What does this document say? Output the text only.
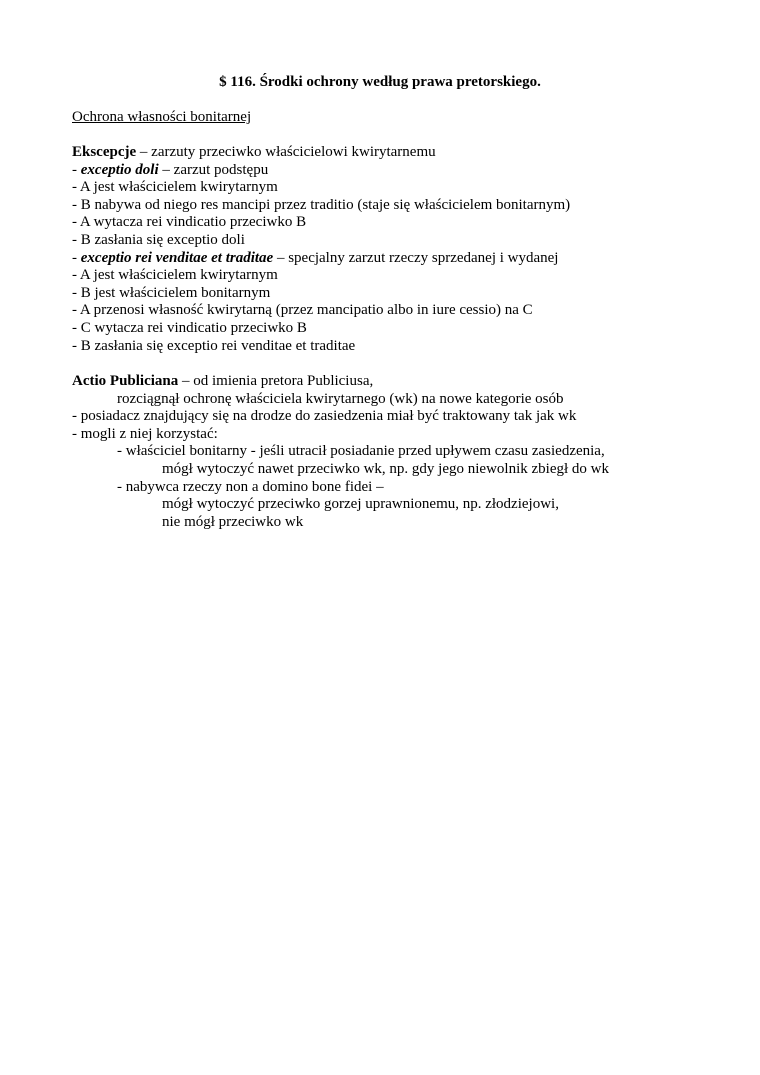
$ 116. Środki ochrony według prawa pretorskiego.
Ochrona własności bonitarnej
Ekscepcje – zarzuty przeciwko właścicielowi kwirytarnemu
- exceptio doli – zarzut podstępu
- A jest właścicielem kwirytarnym
- B nabywa od niego res mancipi przez traditio (staje się właścicielem bonitarnym)
- A wytacza rei vindicatio przeciwko B
- B zasłania się exceptio doli
- exceptio rei venditae et traditae – specjalny zarzut rzeczy sprzedanej i wydanej
- A jest właścicielem kwirytarnym
- B jest właścicielem bonitarnym
- A przenosi własność kwirytarną (przez mancipatio albo in iure cessio) na C
- C wytacza rei vindicatio przeciwko B
- B zasłania się exceptio rei venditae et traditae
Actio Publiciana – od imienia pretora Publiciusa,
rozciągnął ochronę właściciela kwirytarnego (wk) na nowe kategorie osób
- posiadacz znajdujący się na drodze do zasiedzenia miał być traktowany tak jak wk
- mogli z niej korzystać:
- właściciel bonitarny - jeśli utracił posiadanie przed upływem czasu zasiedzenia,
mógł wytoczyć nawet przeciwko wk, np. gdy jego niewolnik zbiegł do wk
- nabywca rzeczy non a domino bone fidei –
mógł wytoczyć przeciwko gorzej uprawnionemu, np. złodziejowi,
nie mógł przeciwko wk
